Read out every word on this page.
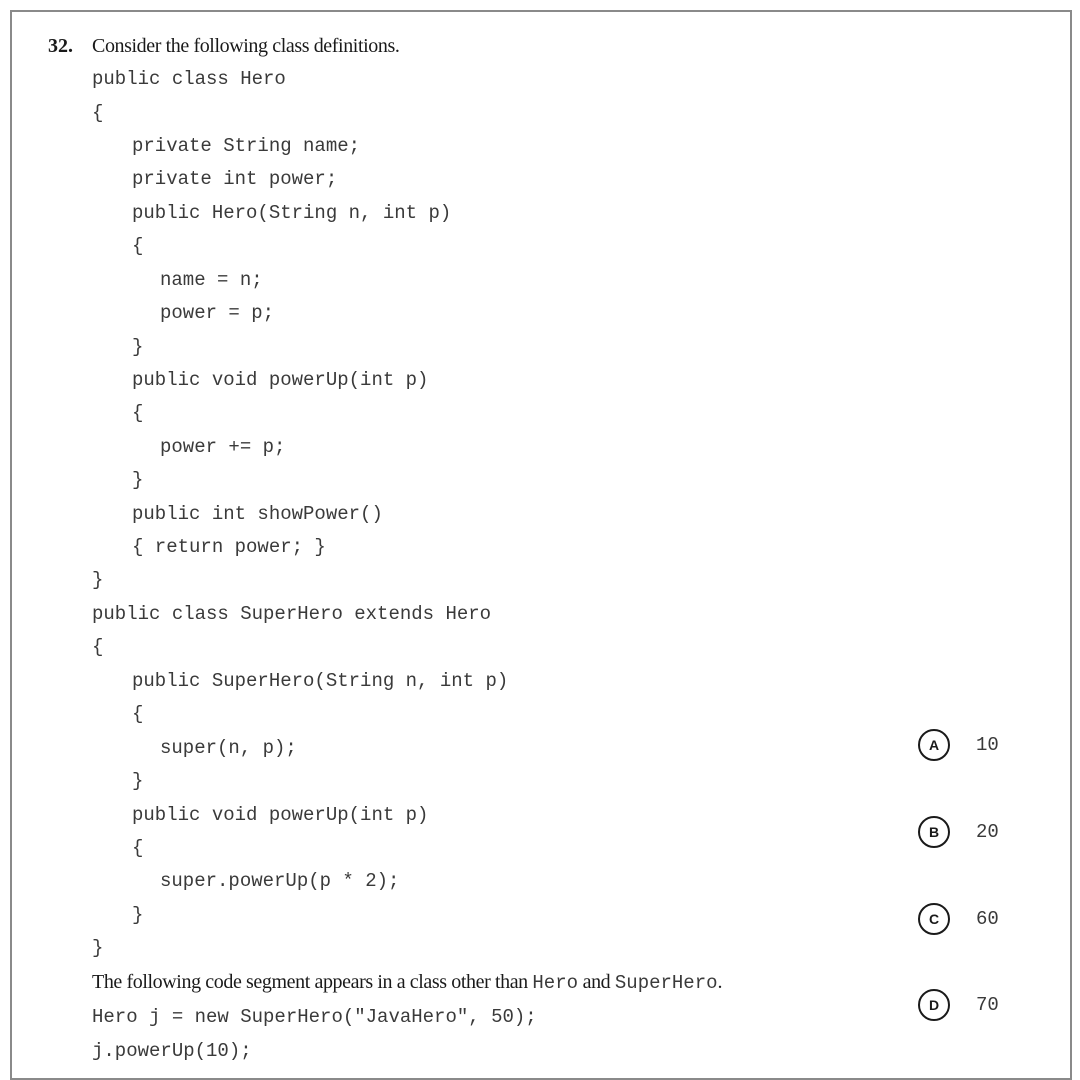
32. Consider the following class definitions.
public class Hero
{
private String name;
private int power;
public Hero(String n, int p)
{
name = n;
power = p;
}
public void powerUp(int p)
{
power += p;
}
public int showPower()
{ return power; }
}
public class SuperHero extends Hero
{
public SuperHero(String n, int p)
{
super(n, p);
}
public void powerUp(int p)
{
super.powerUp(p * 2);
}
}
The following code segment appears in a class other than Hero and SuperHero.
Hero j = new SuperHero("JavaHero", 50);
j.powerUp(10);
A	10
B	20
C	60
D	70
